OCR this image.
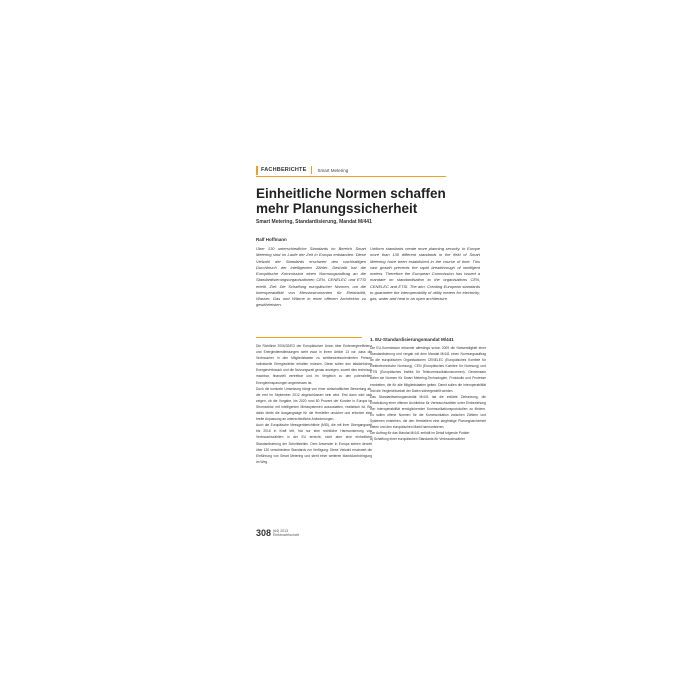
FACHBERICHTE Smart Metering
Einheitliche Normen schaffen mehr Planungssicherheit
Smart Metering, Standardisierung, Mandat M/441
Ralf Hoffmann
Über 130 unterschiedliche Standards im Bereich Smart Metering sind im Laufe der Zeit in Europa entstanden. Diese Vielzahl der Standards erschwert den nachhaltigen Durchbruch der intelligenten Zähler. Deshalb hat die Europäische Kommission einen Normungsauftrag an die Standardisierungsorganisationen CEN, CENELEC und ETSI erteilt. Ziel: Die Schaffung europäischer Normen, um die Interoperabilität von Messinstrumenten für Elektrizität, Wasser, Gas und Wärme in einer offenen Architektur zu gewährleisten.
Uniform standards create more planning security. In Europe more than 130 different standards in the field of Smart Metering have been established in the course of time. This vast growth prevents the rapid breakthrough of intelligent meters. Therefore the European Commission has issued a mandate on standardisation to the organisations CEN, CENELEC and ETSI. The aim: Creating European standards to guarantee the interoperability of utility meters for electricity, gas, water and heat in an open architecture.

Die Richtlinie 2006/32/EG der Europäischen Union über Endenergieeffizienz und Energiedienstleistungen sieht zwar in ihrem Artikel 13 vor, dass die Verbraucher in den Mitgliedstaaten zu wettbewerbsorientierten Preisen individuelle Energiezähler erhalten müssen. Diese sollen den tatsächlichen Energieverbrauch und die Nutzungszeit genau anzeigen, soweit dies technisch machbar, finanziell vertretbar und im Vergleich zu den potenziellen Energieeinsparungen angemessen ist.

Doch die konkrete Umsetzung hängt von einer wirtschaftlichen Bewertung ab, die erst im September 2012 abgeschlossen sein wird. Erst dann wird sich zeigen, ob die Vorgabe, bis 2020 rund 80 Prozent der Kunden in Europa im Stromsektor mit intelligenten Messsystemen auszustatten, realistisch ist. Bis dahin bleibt die Ausgangslage für die Hersteller unsicher und erfordert eine breite Anpassung an unterschiedliche Anforderungen.

Auch die Europäische Messgeräterichtlinie (MID), die mit ihrer Übergangszeit bis 2016 in Kraft tritt, hat nur eine rechtliche Harmonisierung von Verbrauchszählern in der EU erreicht, nicht aber eine einheitliche Standardisierung der Schnittstellen. Dem Anwender in Europa stehen derzeit über 130 verschiedene Standards zur Verfügung. Diese Vielzahl erschwert die Einführung von Smart Metering und steht einer weiteren Marktdurchdringung im Weg.

1. EU-Standardisierungsmandat M/441

Die EU-Kommission erkannte allerdings schon 2009 die Notwendigkeit einer Standardisierung und vergab mit dem Mandat M/441 einen Normungsauftrag an die europäischen Organisationen CENELEC (Europäisches Komitee für Elektrotechnische Normung), CEN (Europäisches Komitee für Normung) und ETSI (Europäisches Institut für Telekommunikationsnormen). Gemeinsam sollen sie Normen für Smart Metering-Technologien, Protokolle und Prozesse erarbeiten, die für alle Mitgliedstaaten gelten. Damit sollen die Interoperabilität und die Vergleichbarkeit der Daten sichergestellt werden.

Das Standardisierungsmandat M/441 hat die erklärte Zielsetzung, die Entwicklung einer offenen Architektur für Verbrauchszähler unter Einbeziehung von Interoperabilität ermöglichenden Kommunikationsprotokollen zu fördern. Es sollen offene Normen für die Kommunikation zwischen Zählern und Systemen entstehen, die den Herstellern eine langfristige Planungssicherheit bieten und den europäischen Markt harmonisieren.

Der Auftrag für das Mandat M/441 enthält im Detail folgende Punkte:

a) Schaffung einer europäischen Standards für Verbrauchszähler

308 (64) 2013
Elektrowirtschaft
